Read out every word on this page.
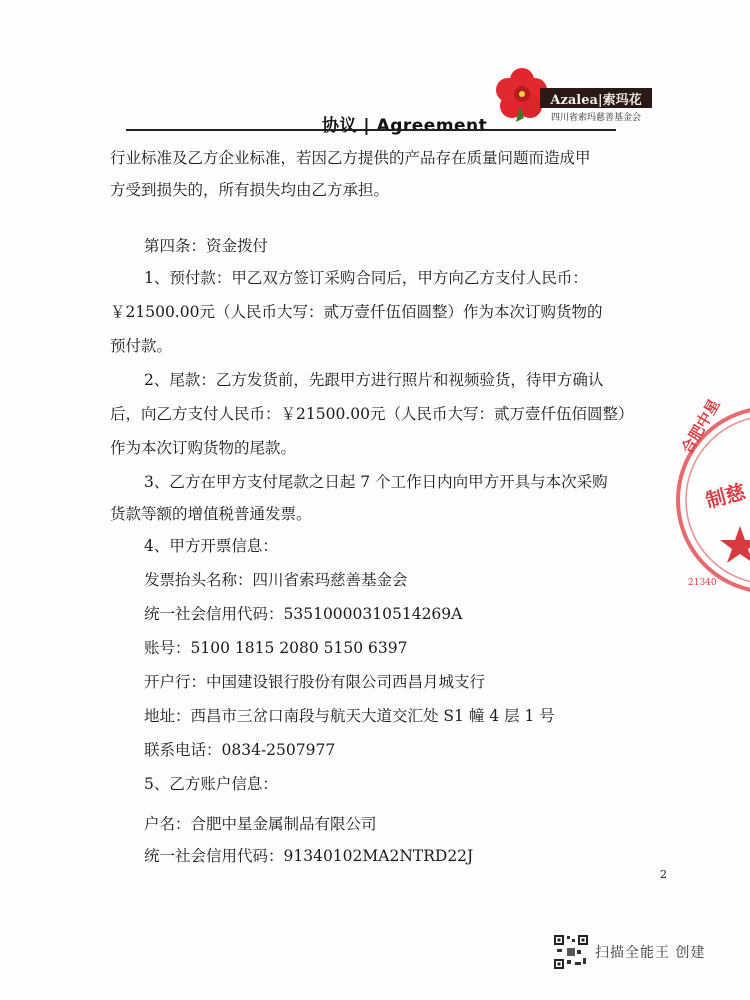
Azalea|索玛花
四川省索玛慈善基金会
协议 | Agreement
行业标准及乙方企业标准，若因乙方提供的产品存在质量问题而造成甲
方受到损失的，所有损失均由乙方承担。
第四条：资金拨付
1、预付款：甲乙双方签订采购合同后，甲方向乙方支付人民币：
￥21500.00元（人民币大写：贰万壹仟伍佰圆整）作为本次订购货物的
预付款。
2、尾款：乙方发货前，先跟甲方进行照片和视频验货，待甲方确认
后，向乙方支付人民币：￥21500.00元（人民币大写：贰万壹仟伍佰圆整）
作为本次订购货物的尾款。
3、乙方在甲方支付尾款之日起 7 个工作日内向甲方开具与本次采购
货款等额的增值税普通发票。
4、甲方开票信息：
发票抬头名称：四川省索玛慈善基金会
统一社会信用代码：53510000310514269A
账号：5100 1815 2080 5150 6397
开户行：中国建设银行股份有限公司西昌月城支行
地址：西昌市三岔口南段与航天大道交汇处 S1 幢 4 层 1 号
联系电话：0834-2507977
5、乙方账户信息：
户名：合肥中星金属制品有限公司
统一社会信用代码：91340102MA2NTRD22J
2
合肥中星
制慈
21340
扫描全能王 创建
